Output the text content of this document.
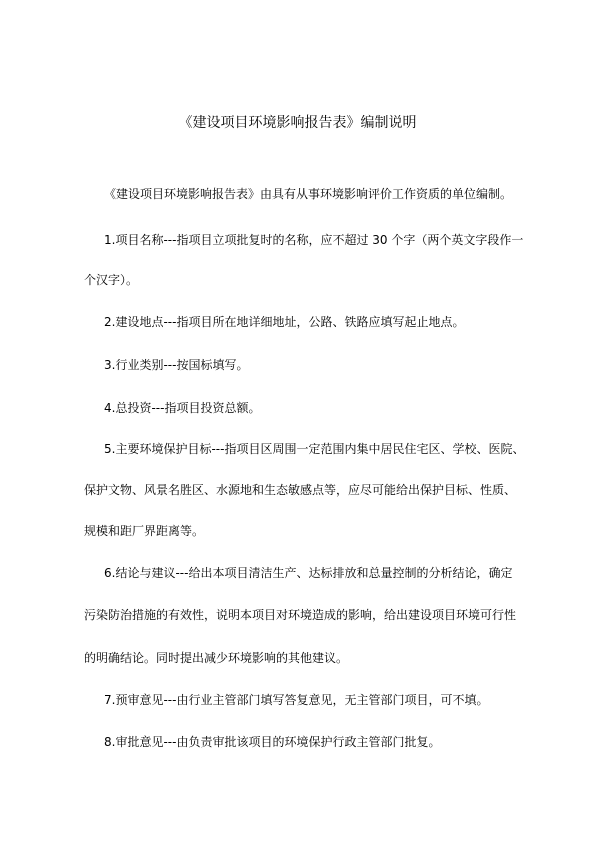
《建设项目环境影响报告表》编制说明
《建设项目环境影响报告表》由具有从事环境影响评价工作资质的单位编制。
1.项目名称---指项目立项批复时的名称，应不超过 30 个字（两个英文字段作一
个汉字）。
2.建设地点---指项目所在地详细地址，公路、铁路应填写起止地点。
3.行业类别---按国标填写。
4.总投资---指项目投资总额。
5.主要环境保护目标---指项目区周围一定范围内集中居民住宅区、学校、医院、
保护文物、风景名胜区、水源地和生态敏感点等，应尽可能给出保护目标、性质、
规模和距厂界距离等。
6.结论与建议---给出本项目清洁生产、达标排放和总量控制的分析结论，确定
污染防治措施的有效性，说明本项目对环境造成的影响，给出建设项目环境可行性
的明确结论。同时提出减少环境影响的其他建议。
7.预审意见---由行业主管部门填写答复意见，无主管部门项目，可不填。
8.审批意见---由负责审批该项目的环境保护行政主管部门批复。
